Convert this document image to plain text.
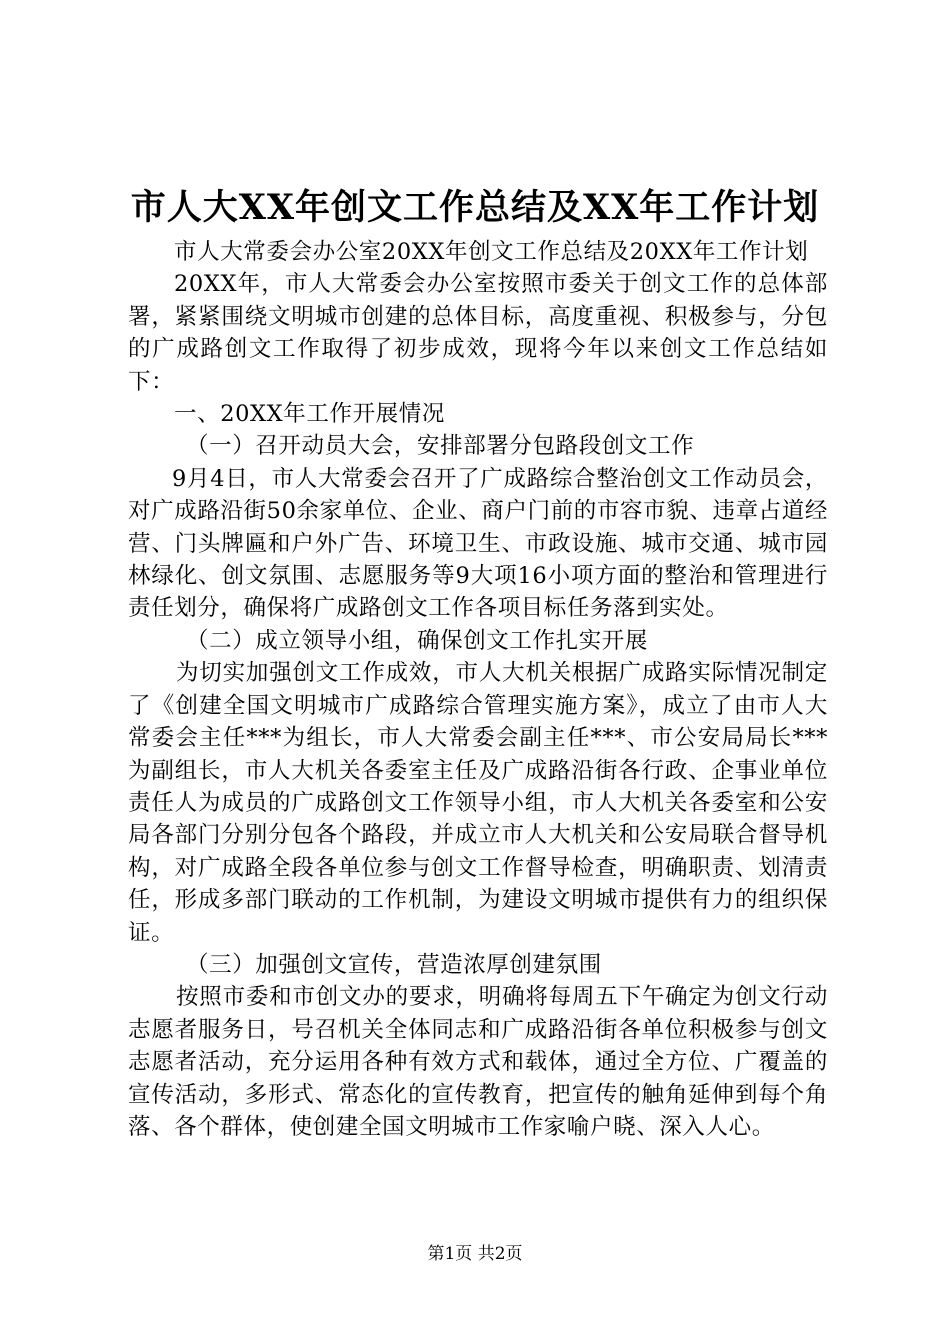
市人大XX年创文工作总结及XX年工作计划

市人大常委会办公室20XX年创文工作总结及20XX年工作计划

20XX年，市人大常委会办公室按照市委关于创文工作的总体部署，紧紧围绕文明城市创建的总体目标，高度重视、积极参与，分包的广成路创文工作取得了初步成效，现将今年以来创文工作总结如下：

一、20XX年工作开展情况

（一）召开动员大会，安排部署分包路段创文工作

9月4日，市人大常委会召开了广成路综合整治创文工作动员会，对广成路沿街50余家单位、企业、商户门前的市容市貌、违章占道经营、门头牌匾和户外广告、环境卫生、市政设施、城市交通、城市园林绿化、创文氛围、志愿服务等9大项16小项方面的整治和管理进行责任划分，确保将广成路创文工作各项目标任务落到实处。

（二）成立领导小组，确保创文工作扎实开展

为切实加强创文工作成效，市人大机关根据广成路实际情况制定了《创建全国文明城市广成路综合管理实施方案》，成立了由市人大常委会主任***为组长，市人大常委会副主任***、市公安局局长***为副组长，市人大机关各委室主任及广成路沿街各行政、企事业单位责任人为成员的广成路创文工作领导小组，市人大机关各委室和公安局各部门分别分包各个路段，并成立市人大机关和公安局联合督导机构，对广成路全段各单位参与创文工作督导检查，明确职责、划清责任，形成多部门联动的工作机制，为建设文明城市提供有力的组织保证。

（三）加强创文宣传，营造浓厚创建氛围

按照市委和市创文办的要求，明确将每周五下午确定为创文行动志愿者服务日，号召机关全体同志和广成路沿街各单位积极参与创文志愿者活动，充分运用各种有效方式和载体，通过全方位、广覆盖的宣传活动，多形式、常态化的宣传教育，把宣传的触角延伸到每个角落、各个群体，使创建全国文明城市工作家喻户晓、深入人心。

第1页 共2页
